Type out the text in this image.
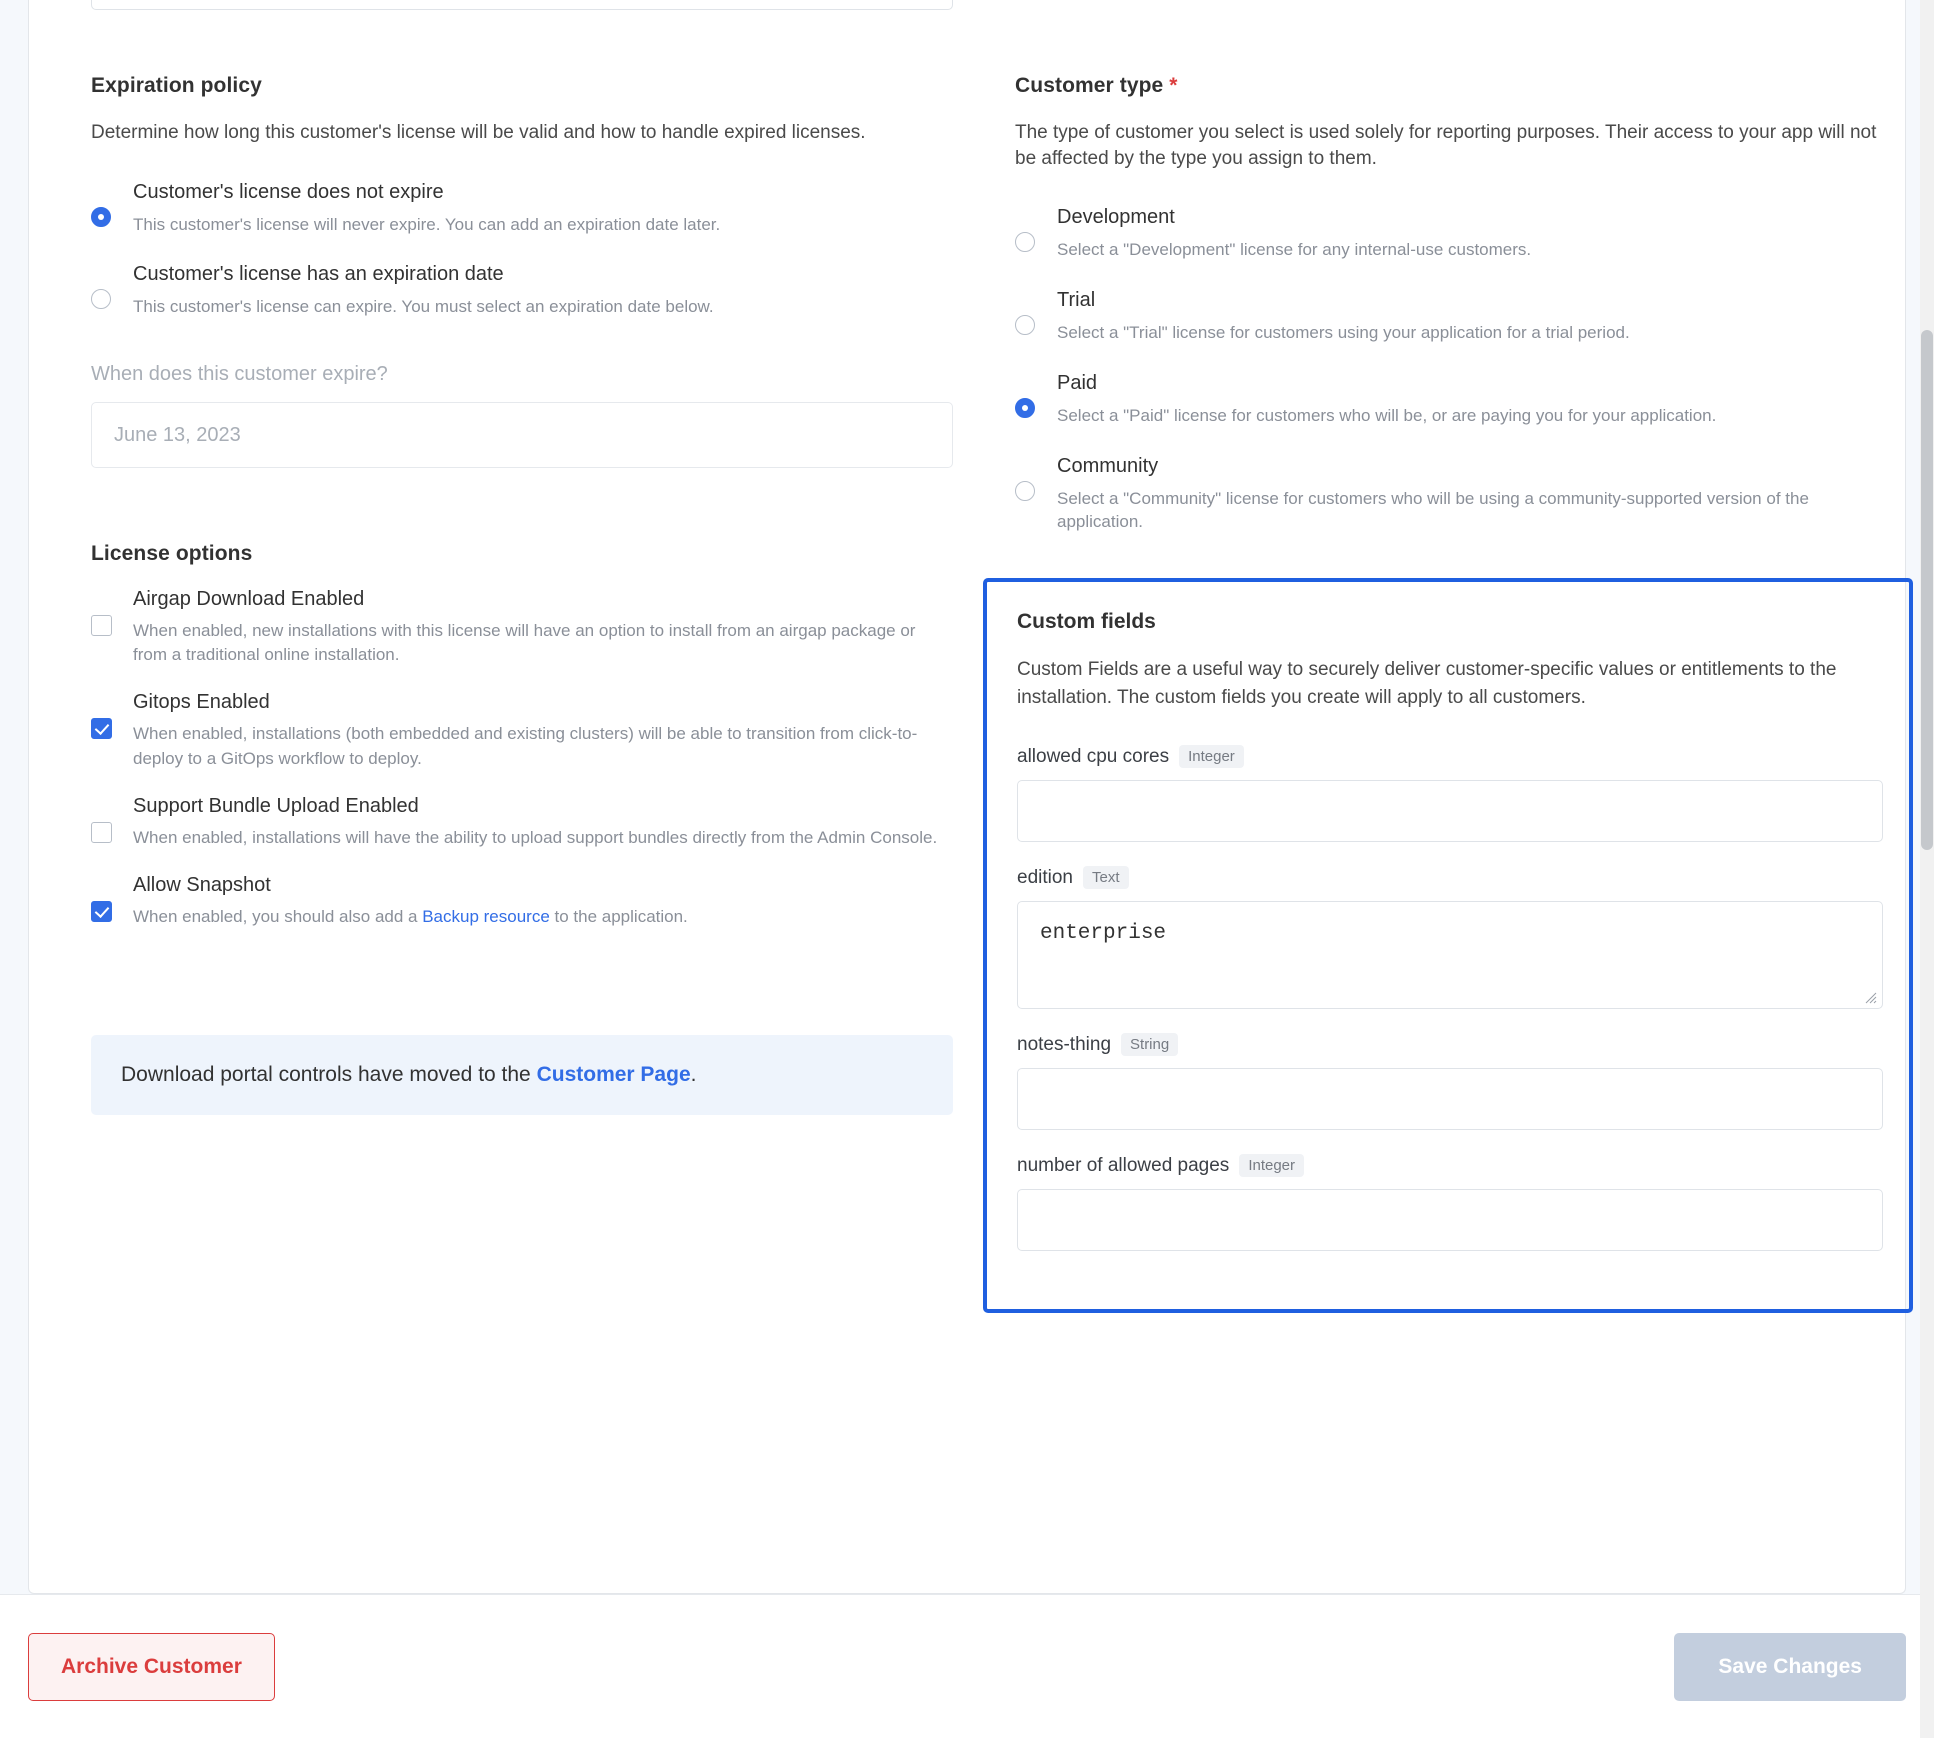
Expiration policy

Determine how long this customer's license will be valid and how to handle expired licenses.

Customer's license does not expire
This customer's license will never expire. You can add an expiration date later.
Customer's license has an expiration date
This customer's license can expire. You must select an expiration date below.
When does this customer expire?
June 13, 2023
License options
Airgap Download Enabled
When enabled, new installations with this license will have an option to install from an airgap package or from a traditional online installation.
Gitops Enabled
When enabled, installations (both embedded and existing clusters) will be able to transition from click-to-deploy to a GitOps workflow to deploy.
Support Bundle Upload Enabled
When enabled, installations will have the ability to upload support bundles directly from the Admin Console.
Allow Snapshot
When enabled, you should also add a Backup resource to the application.
Download portal controls have moved to the Customer Page.
Customer type *

The type of customer you select is used solely for reporting purposes. Their access to your app will not be affected by the type you assign to them.

Development
Select a "Development" license for any internal-use customers.
Trial
Select a "Trial" license for customers using your application for a trial period.
Paid
Select a "Paid" license for customers who will be, or are paying you for your application.
Community
Select a "Community" license for customers who will be using a community-supported version of the application.
Custom fields
Custom Fields are a useful way to securely deliver customer-specific values or entitlements to the installation. The custom fields you create will apply to all customers.
allowed cpu cores	Integer
edition	Text
enterprise
notes-thing	String
number of allowed pages	Integer
Archive Customer	Save Changes
